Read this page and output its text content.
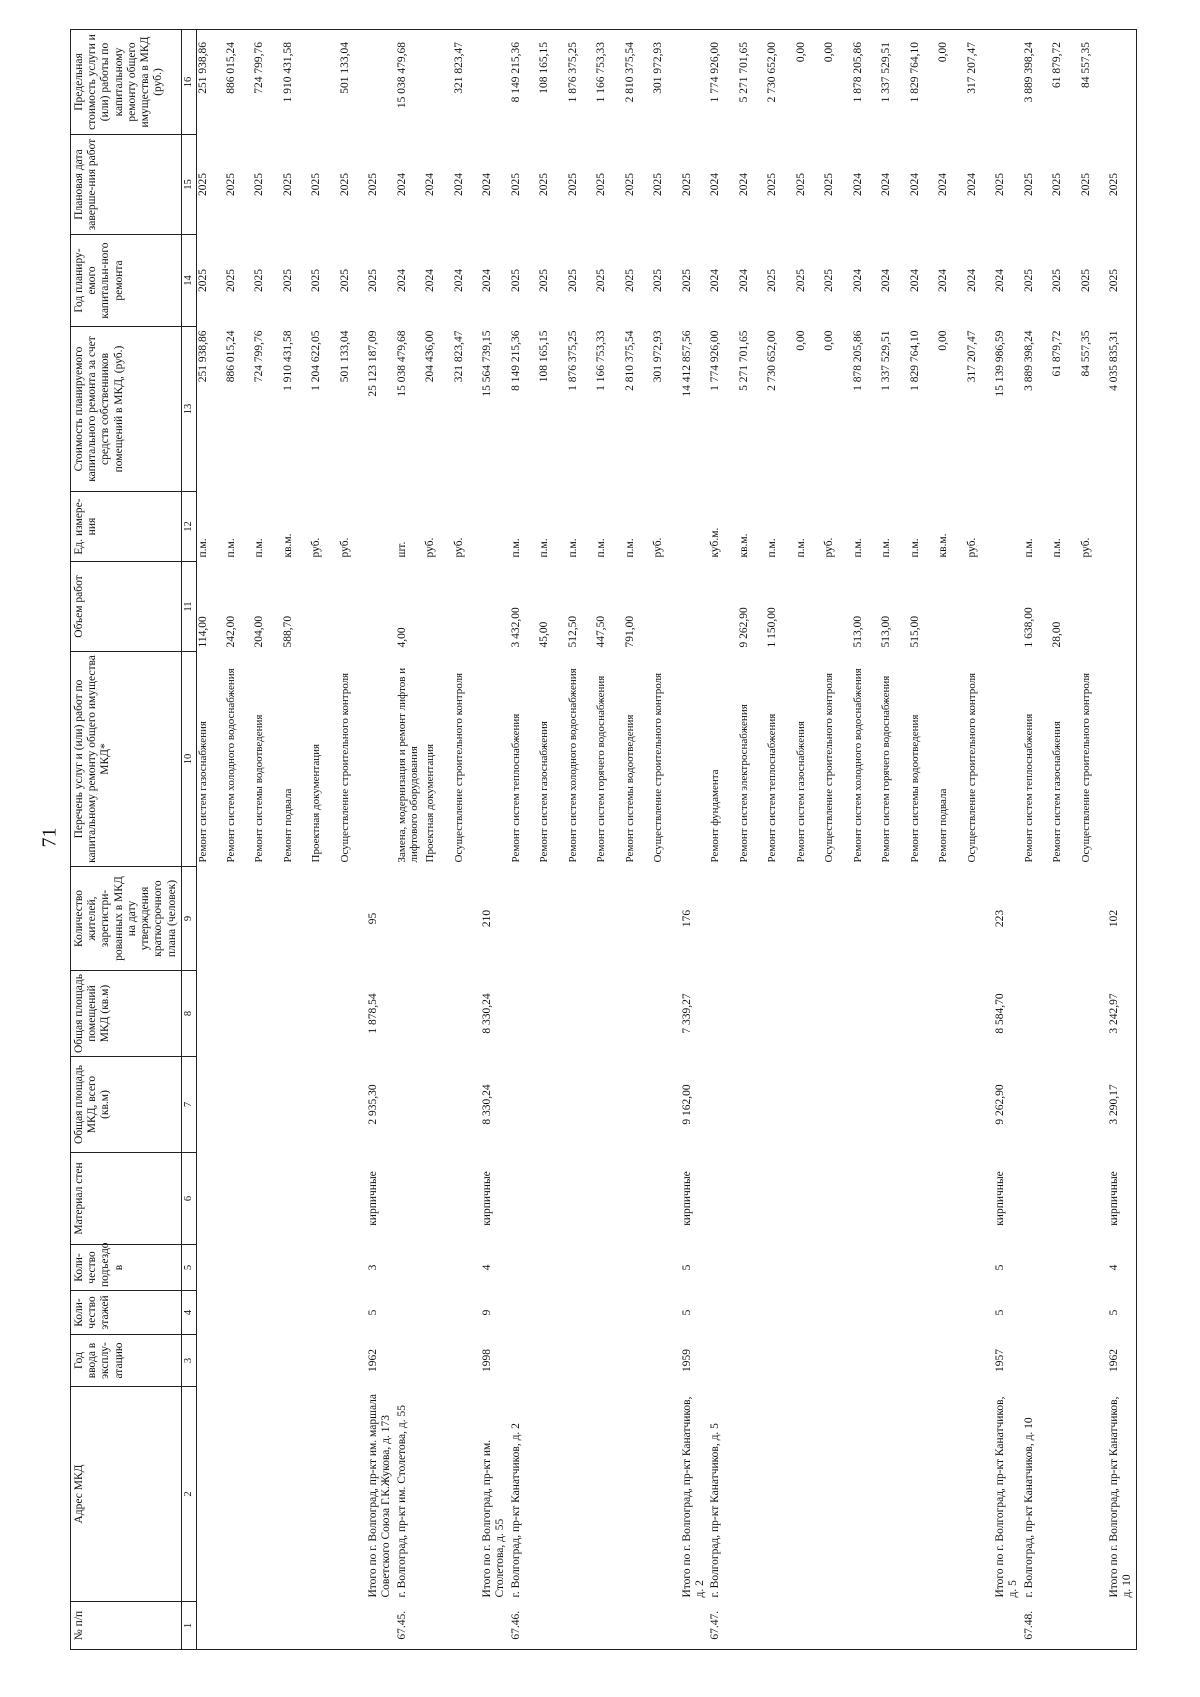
71
№ п/п	Адрес МКД	Год ввода в эксплу-атацию	Коли-чество этажей	Коли-чество подъездо в	Материал стен	Общая площадь МКД, всего (кв.м)	Общая площадь помещений МКД (кв.м)	Количество жителей, зарегистри-рованных в МКД на дату утверждения краткосрочного плана (человек)	Перечень услуг и (или) работ по капитальному ремонту общего имущества МКД*	Объем работ	Ед. измере-ния	Стоимость планируемого капитального ремонта за счет средств собственников помещений в МКД, (руб.)	Год планиру-емого капитальн-ного ремонта	Плановая дата заверше-ния работ	Предельная стоимость услуги и (или) работы по капитальному ремонту общего имущества в МКД (руб.)
1	2	3	4	5	6	7	8	9	10	11	12	13	14	15	16
									Ремонт систем газоснабжения	114,00	п.м.	251 938,86	2025	2025	251 938,86
									Ремонт систем холодного водоснабжения	242,00	п.м.	886 015,24	2025	2025	886 015,24
									Ремонт системы водоотведения	204,00	п.м.	724 799,76	2025	2025	724 799,76
									Ремонт подвала	588,70	кв.м.	1 910 431,58	2025	2025	1 910 431,58
									Проектная документация		руб.	1 204 622,05	2025	2025	
									Осуществление строительного контроля		руб.	501 133,04	2025	2025	501 133,04
	Итого по г. Волгоград, пр-кт им. маршала Советского Союза Г.К.Жукова, д. 173	1962	5	3	кирпичные	2 935,30	1 878,54	95				25 123 187,09	2025	2025	
67.45.	г. Волгоград, пр-кт им. Столетова, д. 55								Замена, модернизация и ремонт лифтов и лифтового оборудования	4,00	шт.	15 038 479,68	2024	2024	15 038 479,68
									Проектная документация		руб.	204 436,00	2024	2024	
									Осуществление строительного контроля		руб.	321 823,47	2024	2024	321 823,47
	Итого по г. Волгоград, пр-кт им. Столетова, д. 55	1998	9	4	кирпичные	8 330,24	8 330,24	210				15 564 739,15	2024	2024	
67.46.	г. Волгоград, пр-кт Канатчиков, д. 2								Ремонт систем теплоснабжения	3 432,00	п.м.	8 149 215,36	2025	2025	8 149 215,36
									Ремонт систем газоснабжения	45,00	п.м.	108 165,15	2025	2025	108 165,15
									Ремонт систем холодного водоснабжения	512,50	п.м.	1 876 375,25	2025	2025	1 876 375,25
									Ремонт систем горячего водоснабжения	447,50	п.м.	1 166 753,33	2025	2025	1 166 753,33
									Ремонт системы водоотведения	791,00	п.м.	2 810 375,54	2025	2025	2 810 375,54
									Осуществление строительного контроля		руб.	301 972,93	2025	2025	301 972,93
	Итого по г. Волгоград, пр-кт Канатчиков, д. 2	1959	5	5	кирпичные	9 162,00	7 339,27	176				14 412 857,56	2025	2025	
67.47.	г. Волгоград, пр-кт Канатчиков, д. 5								Ремонт фундамента		куб.м.	1 774 926,00	2024	2024	1 774 926,00
									Ремонт систем электроснабжения	9 262,90	кв.м.	5 271 701,65	2024	2024	5 271 701,65
									Ремонт систем теплоснабжения	1 150,00	п.м.	2 730 652,00	2025	2025	2 730 652,00
									Ремонт систем газоснабжения		п.м.	0,00	2025	2025	0,00
									Осуществление строительного контроля		руб.	0,00	2025	2025	0,00
									Ремонт систем холодного водоснабжения	513,00	п.м.	1 878 205,86	2024	2024	1 878 205,86
									Ремонт систем горячего водоснабжения	513,00	п.м.	1 337 529,51	2024	2024	1 337 529,51
									Ремонт системы водоотведения	515,00	п.м.	1 829 764,10	2024	2024	1 829 764,10
									Ремонт подвала		кв.м.	0,00	2024	2024	0,00
									Осуществление строительного контроля		руб.	317 207,47	2024	2024	317 207,47
	Итого по г. Волгоград, пр-кт Канатчиков, д. 5	1957	5	5	кирпичные	9 262,90	8 584,70	223				15 139 986,59	2024	2025	
67.48.	г. Волгоград, пр-кт Канатчиков, д. 10								Ремонт систем теплоснабжения	1 638,00	п.м.	3 889 398,24	2025	2025	3 889 398,24
									Ремонт систем газоснабжения	28,00	п.м.	61 879,72	2025	2025	61 879,72
									Осуществление строительного контроля		руб.	84 557,35	2025	2025	84 557,35
	Итого по г. Волгоград, пр-кт Канатчиков, д. 10	1962	5	4	кирпичные	3 290,17	3 242,97	102				4 035 835,31	2025	2025	
